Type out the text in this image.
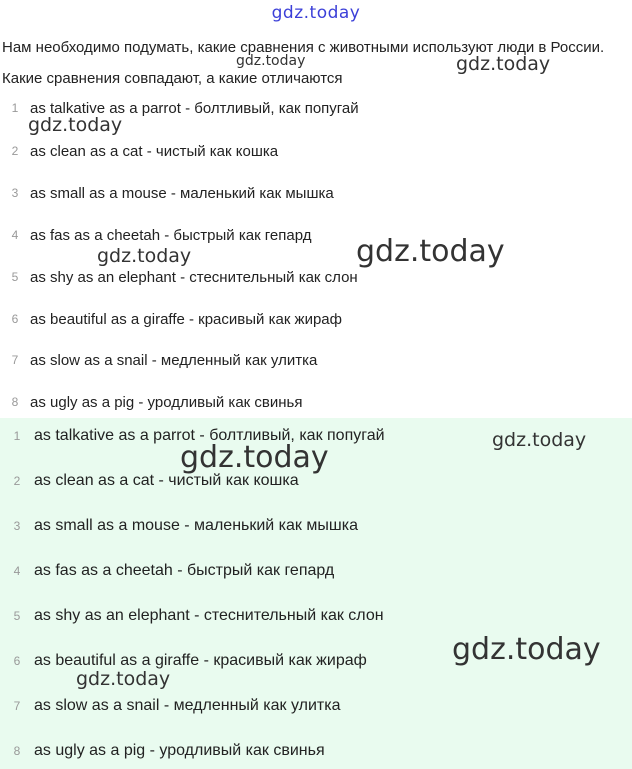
gdz.today
Нам необходимо подумать, какие сравнения с животными используют люди в России. Какие сравнения совпадают, а какие отличаются
1 as talkative as a parrot - болтливый, как попугай
2 as clean as a cat - чистый как кошка
3 as small as a mouse - маленький как мышка
4 as fas as a cheetah - быстрый как гепард
5 as shy as an elephant - стеснительный как слон
6 as beautiful as a giraffe - красивый как жираф
7 as slow as a snail - медленный как улитка
8 as ugly as a pig - уродливый как свинья
1 as talkative as a parrot - болтливый, как попугай
2 as clean as a cat - чистый как кошка
3 as small as a mouse - маленький как мышка
4 as fas as a cheetah - быстрый как гепард
5 as shy as an elephant - стеснительный как слон
6 as beautiful as a giraffe - красивый как жираф
7 as slow as a snail - медленный как улитка
8 as ugly as a pig - уродливый как свинья
gdz.today	gdz.today
gdz.today
gdz.today	gdz.today
gdz.today	gdz.today
gdz.today
gdz.today
